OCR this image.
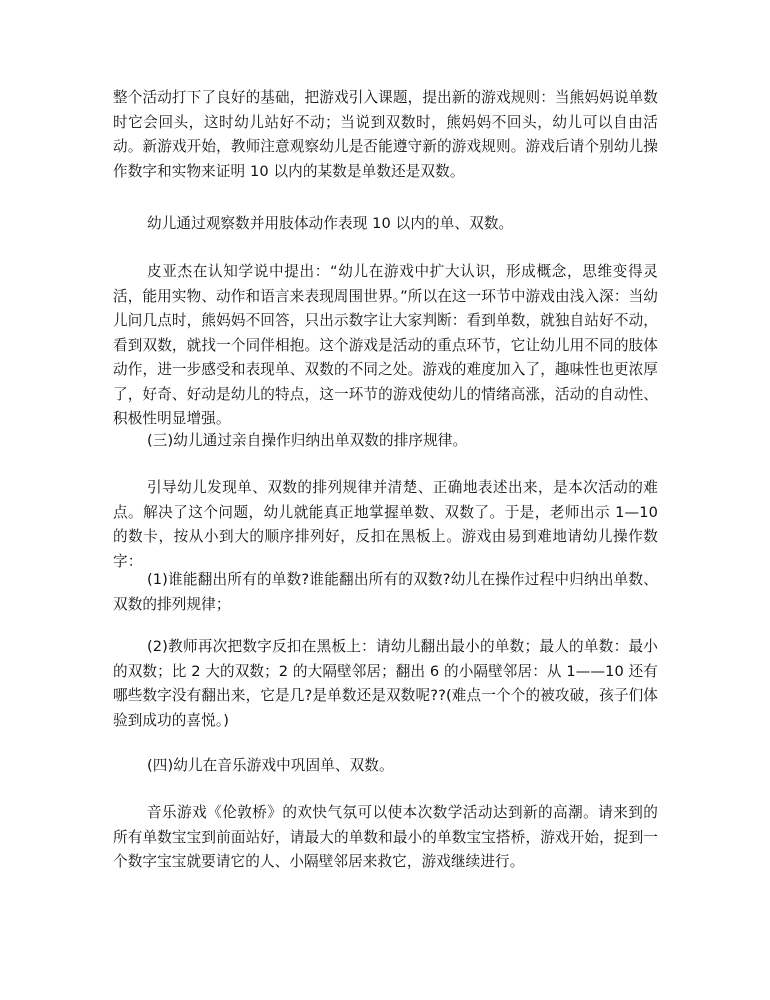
整个活动打下了良好的基础，把游戏引入课题，提出新的游戏规则：当熊妈妈说单数时它会回头，这时幼儿站好不动；当说到双数时，熊妈妈不回头，幼儿可以自由活动。新游戏开始，教师注意观察幼儿是否能遵守新的游戏规则。游戏后请个别幼儿操作数字和实物来证明 10 以内的某数是单数还是双数。

幼儿通过观察数并用肢体动作表现 10 以内的单、双数。

皮亚杰在认知学说中提出：“幼儿在游戏中扩大认识，形成概念，思维变得灵活，能用实物、动作和语言来表现周围世界。”所以在这一环节中游戏由浅入深：当幼儿问几点时，熊妈妈不回答，只出示数字让大家判断：看到单数，就独自站好不动，看到双数，就找一个同伴相抱。这个游戏是活动的重点环节，它让幼儿用不同的肢体动作，进一步感受和表现单、双数的不同之处。游戏的难度加入了，趣味性也更浓厚了，好奇、好动是幼儿的特点，这一环节的游戏使幼儿的情绪高涨，活动的自动性、积极性明显增强。

(三)幼儿通过亲自操作归纳出单双数的排序规律。

引导幼儿发现单、双数的排列规律并清楚、正确地表述出来，是本次活动的难点。解决了这个问题，幼儿就能真正地掌握单数、双数了。于是，老师出示 1—10 的数卡，按从小到大的顺序排列好，反扣在黑板上。游戏由易到难地请幼儿操作数字：

(1)谁能翻出所有的单数?谁能翻出所有的双数?幼儿在操作过程中归纳出单数、双数的排列规律；

(2)教师再次把数字反扣在黑板上：请幼儿翻出最小的单数；最人的单数：最小的双数；比 2 大的双数；2 的大隔壁邻居；翻出 6 的小隔壁邻居：从 1——10 还有哪些数字没有翻出来，它是几?是单数还是双数呢??(难点一个个的被攻破，孩子们体验到成功的喜悦。)

(四)幼儿在音乐游戏中巩固单、双数。

音乐游戏《伦敦桥》的欢快气氛可以使本次数学活动达到新的高潮。请来到的所有单数宝宝到前面站好，请最大的单数和最小的单数宝宝搭桥，游戏开始，捉到一个数字宝宝就要请它的人、小隔壁邻居来救它，游戏继续进行。
